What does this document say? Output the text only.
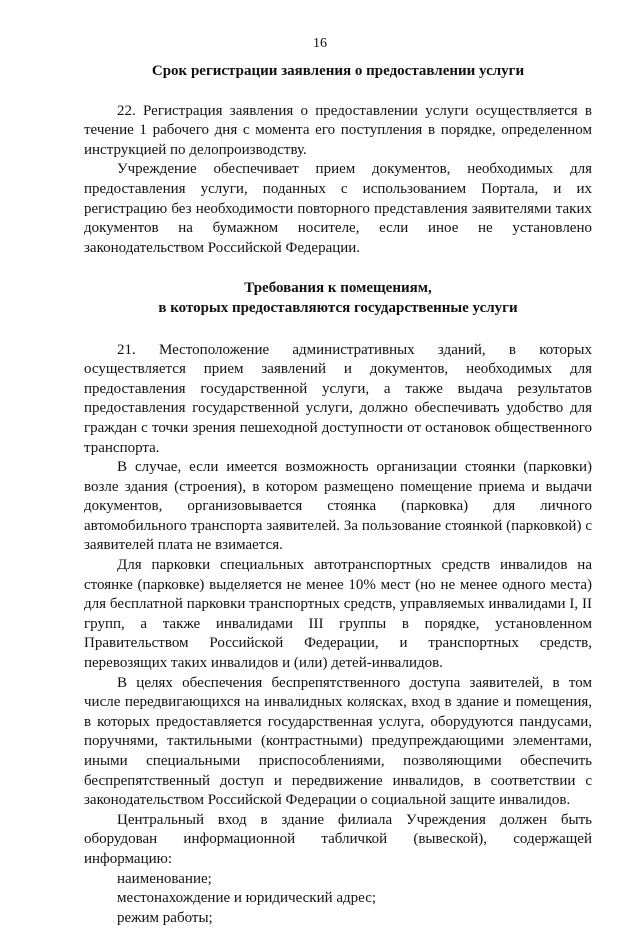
16

Срок регистрации заявления о предоставлении услуги

22. Регистрация заявления о предоставлении услуги осуществляется в течение 1 рабочего дня с момента его поступления в порядке, определенном инструкцией по делопроизводству.

Учреждение обеспечивает прием документов, необходимых для предоставления услуги, поданных с использованием Портала, и их регистрацию без необходимости повторного представления заявителями таких документов на бумажном носителе, если иное не установлено законодательством Российской Федерации.

Требования к помещениям,
в которых предоставляются государственные услуги

21. Местоположение административных зданий, в которых осуществляется прием заявлений и документов, необходимых для предоставления государственной услуги, а также выдача результатов предоставления государственной услуги, должно обеспечивать удобство для граждан с точки зрения пешеходной доступности от остановок общественного транспорта.

В случае, если имеется возможность организации стоянки (парковки) возле здания (строения), в котором размещено помещение приема и выдачи документов, организовывается стоянка (парковка) для личного автомобильного транспорта заявителей. За пользование стоянкой (парковкой) с заявителей плата не взимается.

Для парковки специальных автотранспортных средств инвалидов на стоянке (парковке) выделяется не менее 10% мест (но не менее одного места) для бесплатной парковки транспортных средств, управляемых инвалидами I, II групп, а также инвалидами III группы в порядке, установленном Правительством Российской Федерации, и транспортных средств, перевозящих таких инвалидов и (или) детей-инвалидов.

В целях обеспечения беспрепятственного доступа заявителей, в том числе передвигающихся на инвалидных колясках, вход в здание и помещения, в которых предоставляется государственная услуга, оборудуются пандусами, поручнями, тактильными (контрастными) предупреждающими элементами, иными специальными приспособлениями, позволяющими обеспечить беспрепятственный доступ и передвижение инвалидов, в соответствии с законодательством Российской Федерации о социальной защите инвалидов.

Центральный вход в здание филиала Учреждения должен быть оборудован информационной табличкой (вывеской), содержащей информацию:

наименование;

местонахождение и юридический адрес;

режим работы;
